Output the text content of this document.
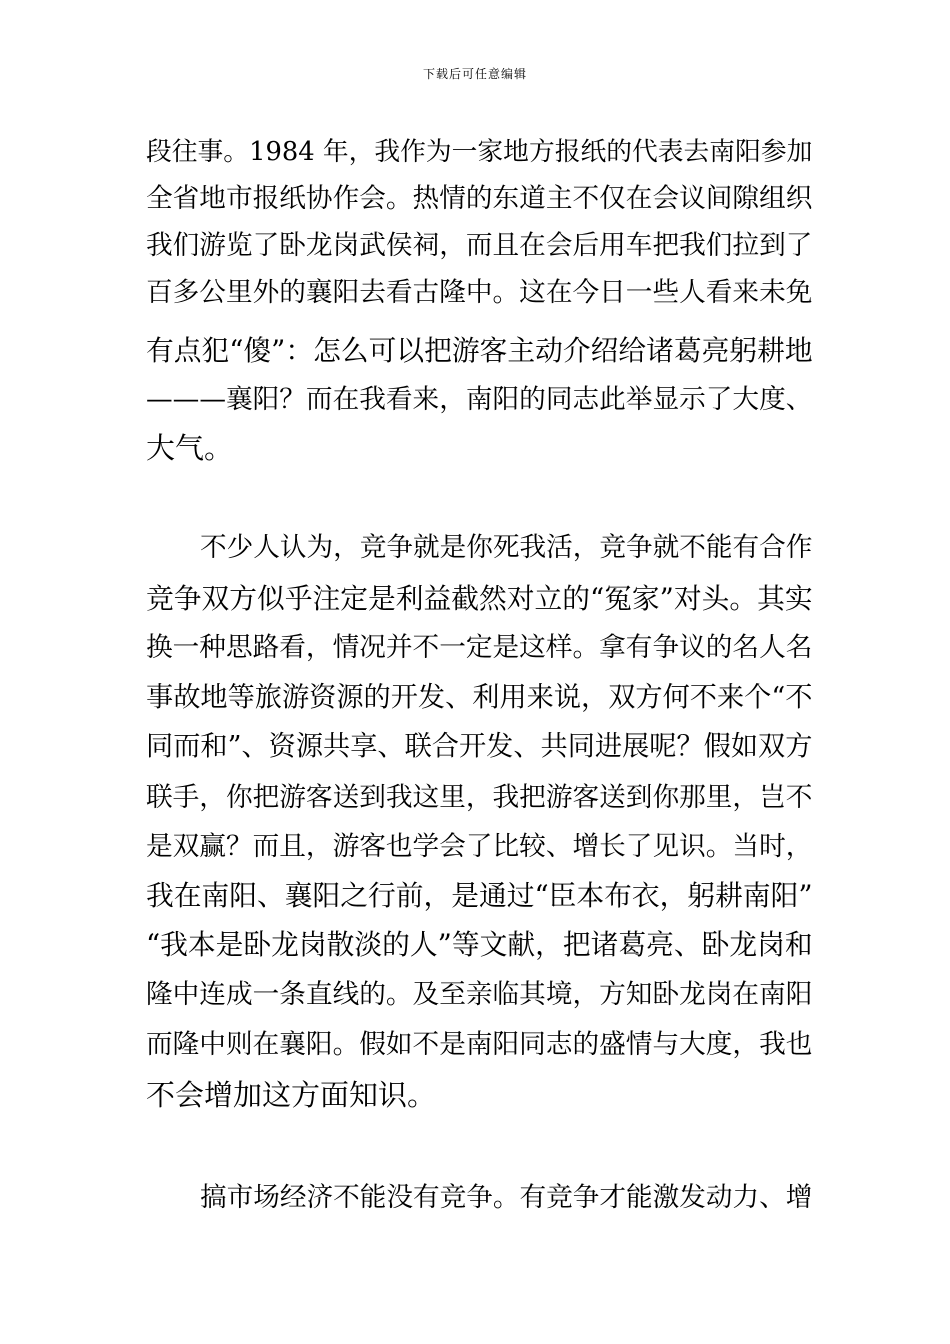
下载后可任意编辑
段往事。1984 年，我作为一家地方报纸的代表去南阳参加
全省地市报纸协作会。热情的东道主不仅在会议间隙组织
我们游览了卧龙岗武侯祠，而且在会后用车把我们拉到了
百多公里外的襄阳去看古隆中。这在今日一些人看来未免
有点犯“傻”：怎么可以把游客主动介绍给诸葛亮躬耕地
———襄阳？而在我看来，南阳的同志此举显示了大度、
大气。
不少人认为，竞争就是你死我活，竞争就不能有合作
竞争双方似乎注定是利益截然对立的“冤家”对头。其实
换一种思路看，情况并不一定是这样。拿有争议的名人名
事故地等旅游资源的开发、利用来说，双方何不来个“不
同而和”、资源共享、联合开发、共同进展呢？假如双方
联手，你把游客送到我这里，我把游客送到你那里，岂不
是双赢？而且，游客也学会了比较、增长了见识。当时，
我在南阳、襄阳之行前，是通过“臣本布衣，躬耕南阳”
“我本是卧龙岗散淡的人”等文献，把诸葛亮、卧龙岗和
隆中连成一条直线的。及至亲临其境，方知卧龙岗在南阳
而隆中则在襄阳。假如不是南阳同志的盛情与大度，我也
不会增加这方面知识。
搞市场经济不能没有竞争。有竞争才能激发动力、增
